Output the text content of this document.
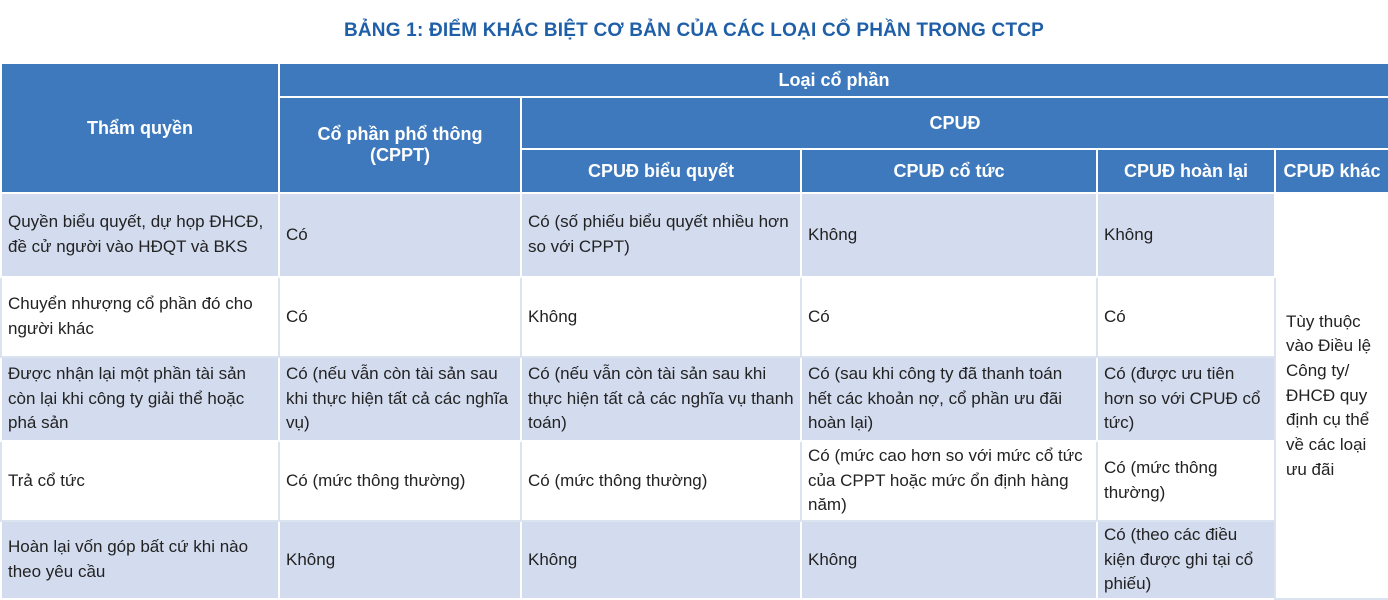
BẢNG 1: ĐIỂM KHÁC BIỆT CƠ BẢN CỦA CÁC LOẠI CỔ PHẦN TRONG CTCP
Thẩm quyền	Loại cổ phần				
	Cổ phần phổ thông (CPPT)	CPUĐ			
		CPUĐ biểu quyết	CPUĐ cổ tức	CPUĐ hoàn lại	CPUĐ khác
Quyền biểu quyết, dự họp ĐHCĐ, đề cử người vào HĐQT và BKS	Có	Có (số phiếu biểu quyết nhiều hơn so với CPPT)	Không	Không	Tùy thuộc vào Điều lệ Công ty/ĐHCĐ quy định cụ thể về các loại ưu đãi
Chuyển nhượng cổ phần đó cho người khác	Có	Không	Có	Có	
Được nhận lại một phần tài sản còn lại khi công ty giải thể hoặc phá sản	Có (nếu vẫn còn tài sản sau khi thực hiện tất cả các nghĩa vụ)	Có (nếu vẫn còn tài sản sau khi thực hiện tất cả các nghĩa vụ thanh toán)	Có (sau khi công ty đã thanh toán hết các khoản nợ, cổ phần ưu đãi hoàn lại)	Có (được ưu tiên hơn so với CPUĐ cổ tức)	
Trả cổ tức	Có (mức thông thường)	Có (mức thông thường)	Có (mức cao hơn so với mức cổ tức của CPPT hoặc mức ổn định hàng năm)	Có (mức thông thường)	
Hoàn lại vốn góp bất cứ khi nào theo yêu cầu	Không	Không	Không	Có (theo các điều kiện được ghi tại cổ phiếu)	
